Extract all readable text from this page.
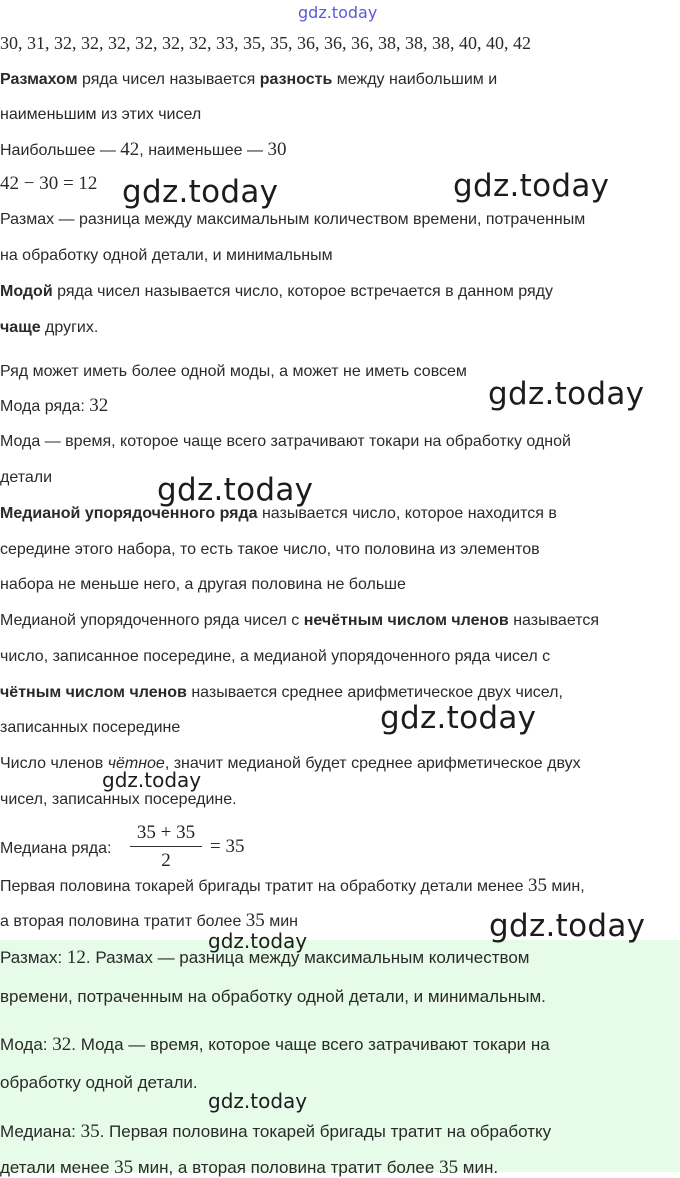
gdz.today
30, 31, 32, 32, 32, 32, 32, 32, 33, 35, 35, 36, 36, 36, 38, 38, 38, 40, 40, 42
Размахом ряда чисел называется разность между наибольшим и
наименьшим из этих чисел
Наибольшее — 42, наименьшее — 30
42 − 30 = 12
Размах — разница между максимальным количеством времени, потраченным
на обработку одной детали, и минимальным
Модой ряда чисел называется число, которое встречается в данном ряду
чаще других.
Ряд может иметь более одной моды, а может не иметь совсем
Мода ряда: 32
Мода — время, которое чаще всего затрачивают токари на обработку одной
детали
Медианой упорядоченного ряда называется число, которое находится в
середине этого набора, то есть такое число, что половина из элементов
набора не меньше него, а другая половина не больше
Медианой упорядоченного ряда чисел с нечётным числом членов называется
число, записанное посередине, а медианой упорядоченного ряда чисел с
чётным числом членов называется среднее арифметическое двух чисел,
записанных посередине
Число членов чётное, значит медианой будет среднее арифметическое двух
чисел, записанных посередине.
Медиана ряда:
35 + 35
2
= 35
Первая половина токарей бригады тратит на обработку детали менее 35 мин,
а вторая половина тратит более 35 мин
Размах: 12. Размах — разница между максимальным количеством
времени, потраченным на обработку одной детали, и минимальным.
Мода: 32. Мода — время, которое чаще всего затрачивают токари на
обработку одной детали.
Медиана: 35. Первая половина токарей бригады тратит на обработку
детали менее 35 мин, а вторая половина тратит более 35 мин.
gdz.today	gdz.today
gdz.today
gdz.today
gdz.today
gdz.today
gdz.today
gdz.today
gdz.today
